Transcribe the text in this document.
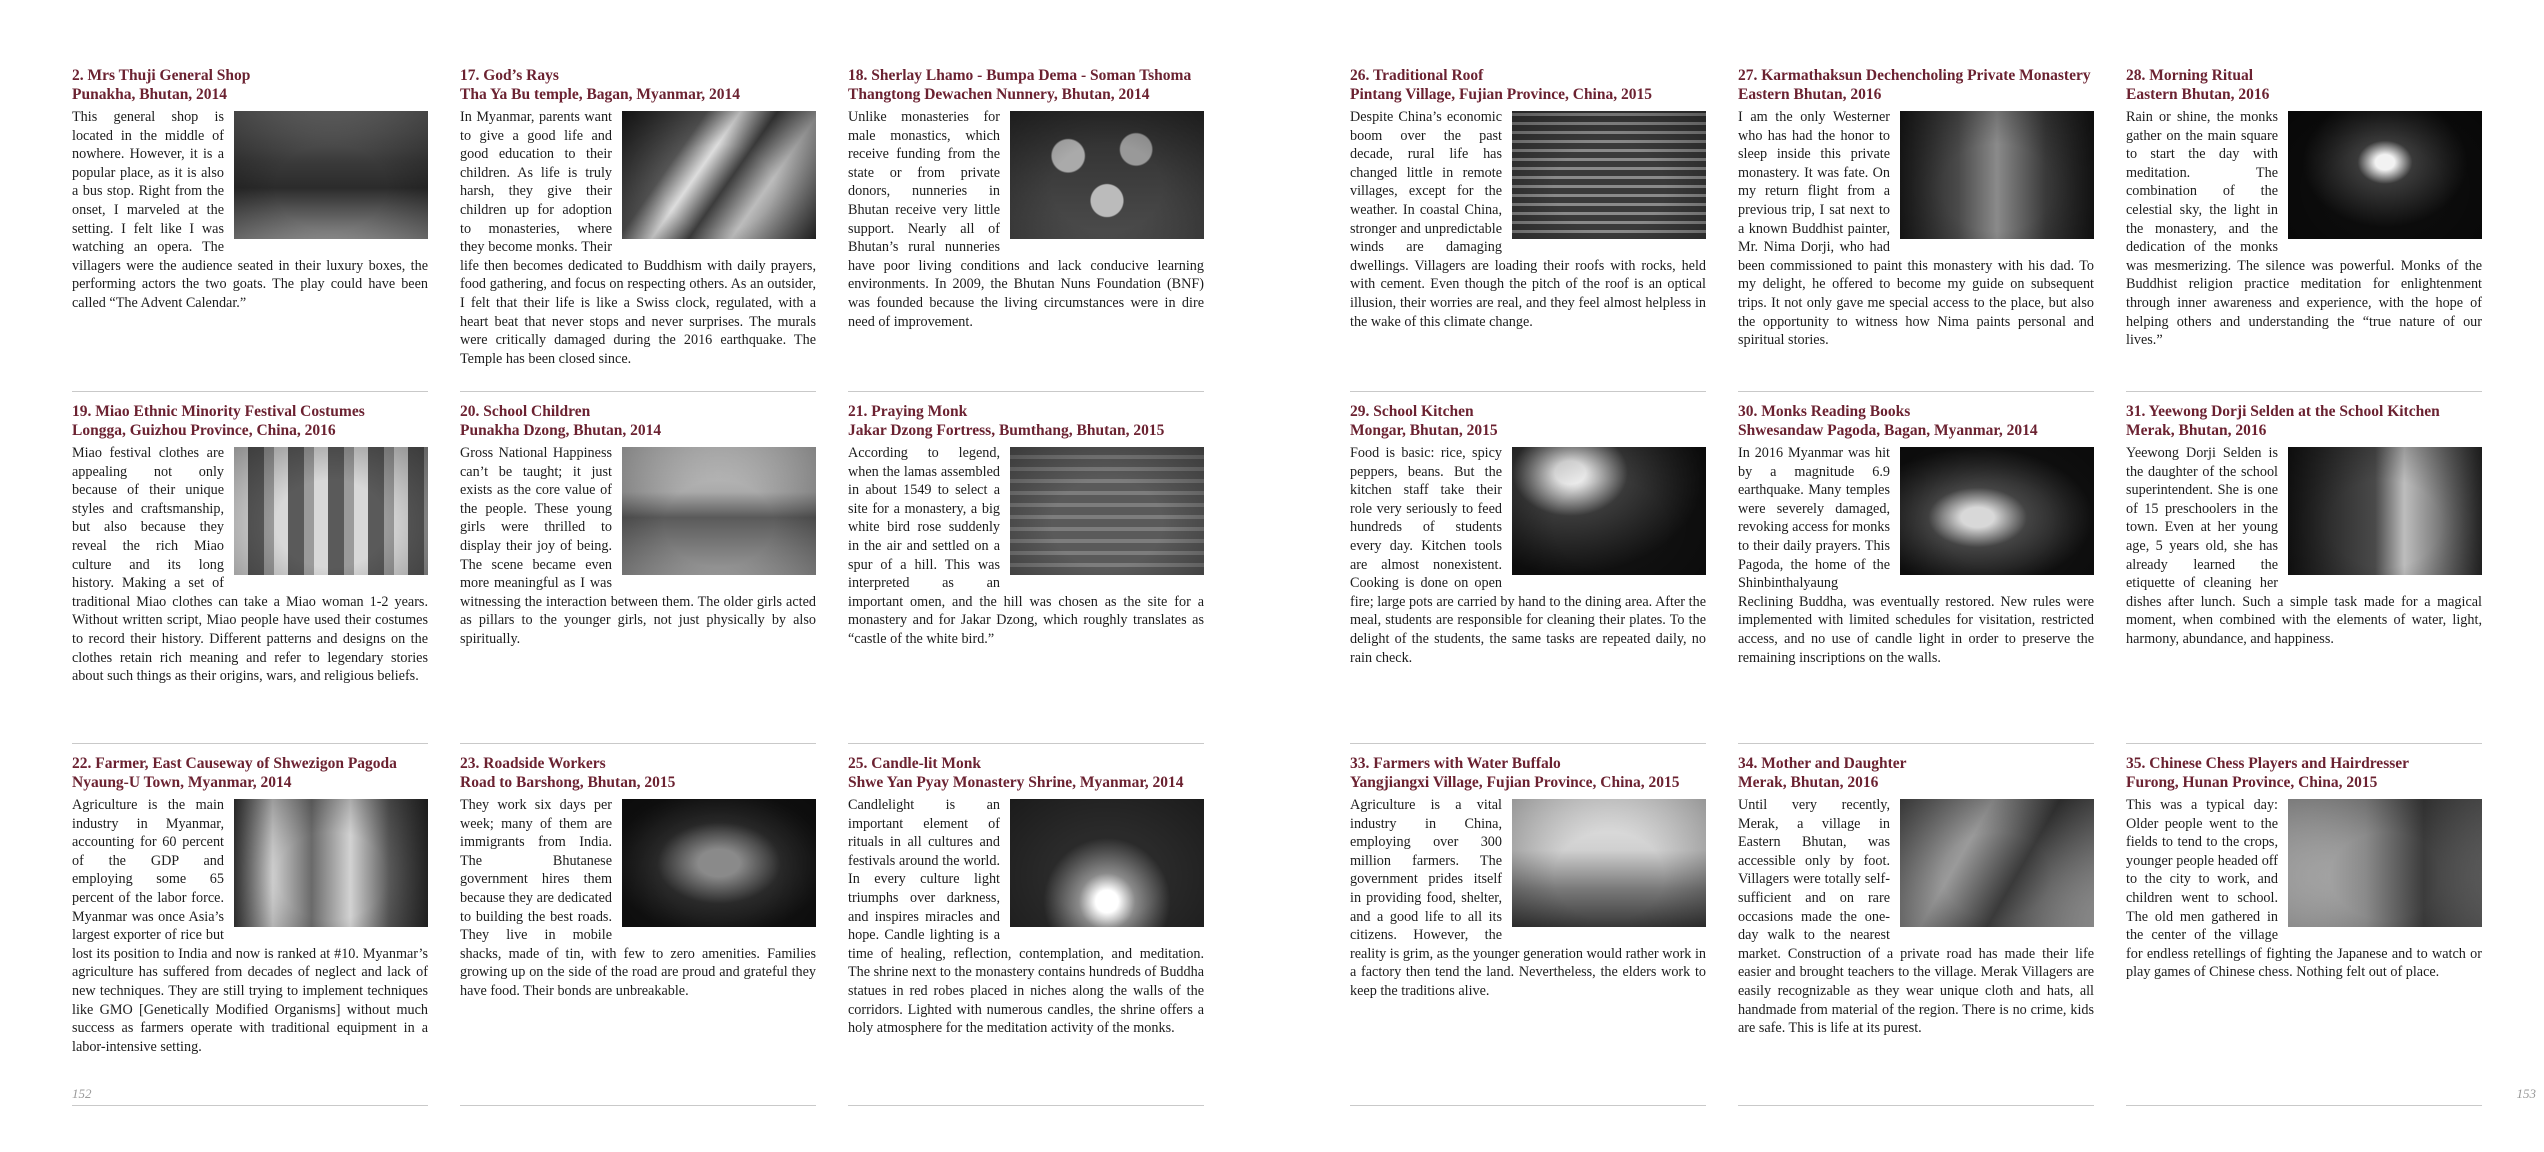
2. Mrs Thuji General Shop
Punakha, Bhutan, 2014

This general shop is located in the middle of nowhere. However, it is a popular place, as it is also a bus stop. Right from the onset, I marveled at the setting. I felt like I was watching an opera. The villagers were the audience seated in their luxury boxes, the performing actors the two goats. The play could have been called “The Advent Calendar.”

17. God’s Rays
Tha Ya Bu temple, Bagan, Myanmar, 2014

In Myanmar, parents want to give a good life and good education to their children. As life is truly harsh, they give their children up for adoption to monasteries, where they become monks. Their life then becomes dedicated to Buddhism with daily prayers, food gathering, and focus on respecting others. As an outsider, I felt that their life is like a Swiss clock, regulated, with a heart beat that never stops and never surprises. The murals were critically damaged during the 2016 earthquake. The Temple has been closed since.

18. Sherlay Lhamo - Bumpa Dema - Soman Tshoma
Thangtong Dewachen Nunnery, Bhutan, 2014

Unlike monasteries for male monastics, which receive funding from the state or from private donors, nunneries in Bhutan receive very little support. Nearly all of Bhutan’s rural nunneries have poor living conditions and lack conducive learning environments. In 2009, the Bhutan Nuns Foundation (BNF) was founded because the living circumstances were in dire need of improvement.

19. Miao Ethnic Minority Festival Costumes
Longga, Guizhou Province, China, 2016

Miao festival clothes are appealing not only because of their unique styles and craftsmanship, but also because they reveal the rich Miao culture and its long history. Making a set of traditional Miao clothes can take a Miao woman 1-2 years. Without written script, Miao people have used their costumes to record their history. Different patterns and designs on the clothes retain rich meaning and refer to legendary stories about such things as their origins, wars, and religious beliefs.

20. School Children
Punakha Dzong, Bhutan, 2014

Gross National Happiness can’t be taught; it just exists as the core value of the people. These young girls were thrilled to display their joy of being. The scene became even more meaningful as I was witnessing the interaction between them. The older girls acted as pillars to the younger girls, not just physically by also spiritually.

21. Praying Monk
Jakar Dzong Fortress, Bumthang, Bhutan, 2015

According to legend, when the lamas assembled in about 1549 to select a site for a monastery, a big white bird rose suddenly in the air and settled on a spur of a hill. This was interpreted as an important omen, and the hill was chosen as the site for a monastery and for Jakar Dzong, which roughly translates as “castle of the white bird.”

22. Farmer, East Causeway of Shwezigon Pagoda
Nyaung-U Town, Myanmar, 2014

Agriculture is the main industry in Myanmar, accounting for 60 percent of the GDP and employing some 65 percent of the labor force. Myanmar was once Asia’s largest exporter of rice but lost its position to India and now is ranked at #10. Myanmar’s agriculture has suffered from decades of neglect and lack of new techniques. They are still trying to implement techniques like GMO [Genetically Modified Organisms] without much success as farmers operate with traditional equipment in a labor-intensive setting.

23. Roadside Workers
Road to Barshong, Bhutan, 2015

They work six days per week; many of them are immigrants from India. The Bhutanese government hires them because they are dedicated to building the best roads. They live in mobile shacks, made of tin, with few to zero amenities. Families growing up on the side of the road are proud and grateful they have food. Their bonds are unbreakable.

25. Candle-lit Monk
Shwe Yan Pyay Monastery Shrine, Myanmar, 2014

Candlelight is an important element of rituals in all cultures and festivals around the world. In every culture light triumphs over darkness, and inspires miracles and hope. Candle lighting is a time of healing, reflection, contemplation, and meditation. The shrine next to the monastery contains hundreds of Buddha statues in red robes placed in niches along the walls of the corridors. Lighted with numerous candles, the shrine offers a holy atmosphere for the meditation activity of the monks.

152
26. Traditional Roof
Pintang Village, Fujian Province, China, 2015

Despite China’s economic boom over the past decade, rural life has changed little in remote villages, except for the weather. In coastal China, stronger and unpredictable winds are damaging dwellings. Villagers are loading their roofs with rocks, held with cement. Even though the pitch of the roof is an optical illusion, their worries are real, and they feel almost helpless in the wake of this climate change.

27. Karmathaksun Dechencholing Private Monastery
Eastern Bhutan, 2016

I am the only Westerner who has had the honor to sleep inside this private monastery. It was fate. On my return flight from a previous trip, I sat next to a known Buddhist painter, Mr. Nima Dorji, who had been commissioned to paint this monastery with his dad. To my delight, he offered to become my guide on subsequent trips. It not only gave me special access to the place, but also the opportunity to witness how Nima paints personal and spiritual stories.

28. Morning Ritual
Eastern Bhutan, 2016

Rain or shine, the monks gather on the main square to start the day with meditation. The combination of the celestial sky, the light in the monastery, and the dedication of the monks was mesmerizing. The silence was powerful. Monks of the Buddhist religion practice meditation for enlightenment through inner awareness and experience, with the hope of helping others and understanding the “true nature of our lives.”

29. School Kitchen
Mongar, Bhutan, 2015

Food is basic: rice, spicy peppers, beans. But the kitchen staff take their role very seriously to feed hundreds of students every day. Kitchen tools are almost nonexistent. Cooking is done on open fire; large pots are carried by hand to the dining area. After the meal, students are responsible for cleaning their plates. To the delight of the students, the same tasks are repeated daily, no rain check.

30. Monks Reading Books
Shwesandaw Pagoda, Bagan, Myanmar, 2014

In 2016 Myanmar was hit by a magnitude 6.9 earthquake. Many temples were severely damaged, revoking access for monks to their daily prayers. This Pagoda, the home of the Shinbinthalyaung Reclining Buddha, was eventually restored. New rules were implemented with limited schedules for visitation, restricted access, and no use of candle light in order to preserve the remaining inscriptions on the walls.

31. Yeewong Dorji Selden at the School Kitchen
Merak, Bhutan, 2016

Yeewong Dorji Selden is the daughter of the school superintendent. She is one of 15 preschoolers in the town. Even at her young age, 5 years old, she has already learned the etiquette of cleaning her dishes after lunch. Such a simple task made for a magical moment, when combined with the elements of water, light, harmony, abundance, and happiness.

33. Farmers with Water Buffalo
Yangjiangxi Village, Fujian Province, China, 2015

Agriculture is a vital industry in China, employing over 300 million farmers. The government prides itself in providing food, shelter, and a good life to all its citizens. However, the reality is grim, as the younger generation would rather work in a factory then tend the land. Nevertheless, the elders work to keep the traditions alive.

34. Mother and Daughter
Merak, Bhutan, 2016

Until very recently, Merak, a village in Eastern Bhutan, was accessible only by foot. Villagers were totally self-sufficient and on rare occasions made the one-day walk to the nearest market. Construction of a private road has made their life easier and brought teachers to the village. Merak Villagers are easily recognizable as they wear unique cloth and hats, all handmade from material of the region. There is no crime, kids are safe. This is life at its purest.

35. Chinese Chess Players and Hairdresser
Furong, Hunan Province, China, 2015

This was a typical day: Older people went to the fields to tend to the crops, younger people headed off to the city to work, and children went to school. The old men gathered in the center of the village for endless retellings of fighting the Japanese and to watch or play games of Chinese chess. Nothing felt out of place.

153
